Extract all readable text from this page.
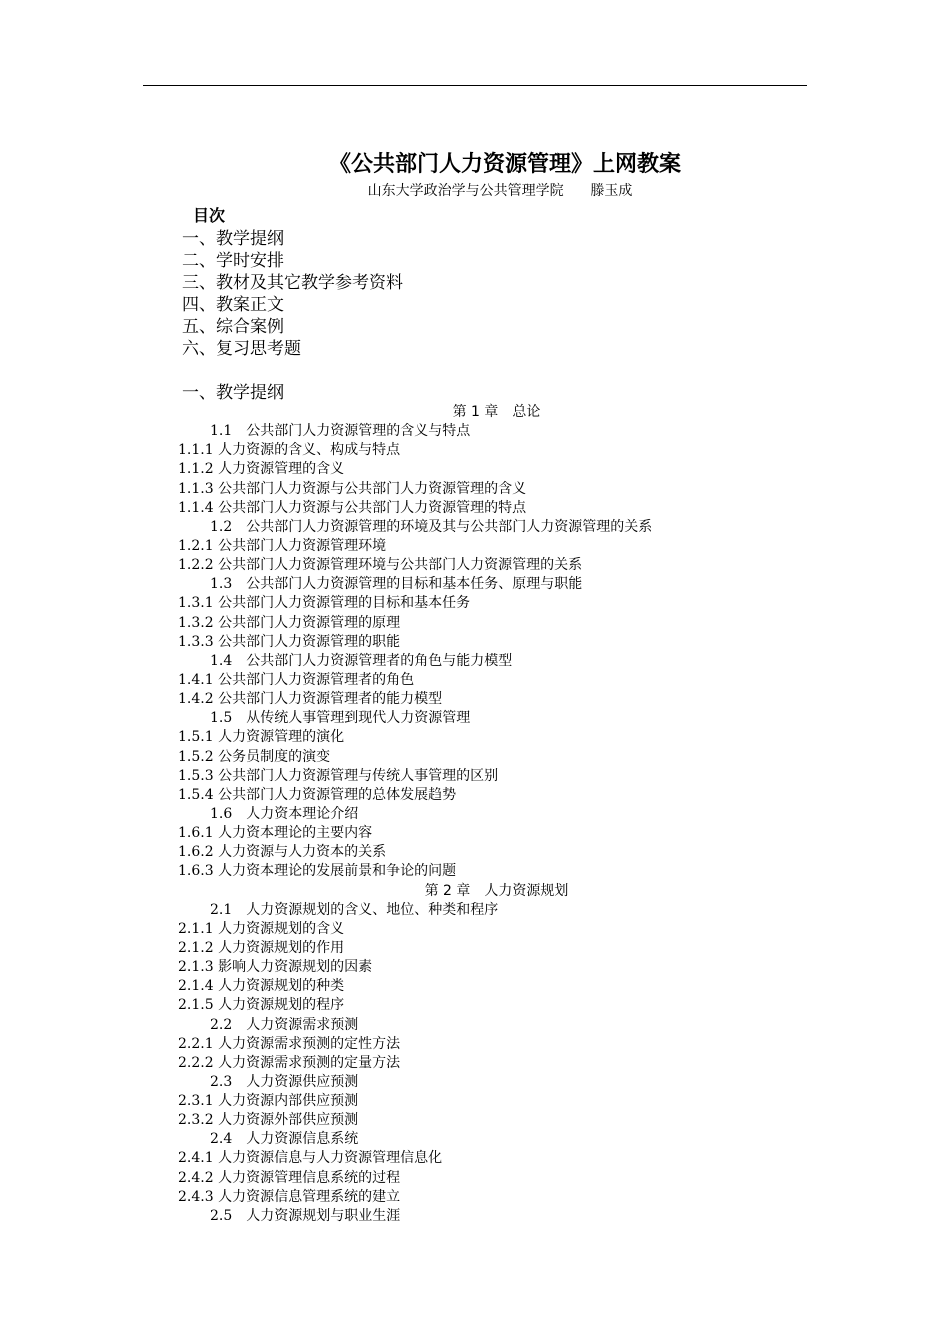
《公共部门人力资源管理》上网教案
山东大学政治学与公共管理学院      滕玉成
目次
一、教学提纲
二、学时安排
三、教材及其它教学参考资料
四、教案正文
五、综合案例
六、复习思考题
一、教学提纲
第 1 章　总论
1.1　公共部门人力资源管理的含义与特点
1.1.1 人力资源的含义、构成与特点
1.1.2 人力资源管理的含义
1.1.3 公共部门人力资源与公共部门人力资源管理的含义
1.1.4 公共部门人力资源与公共部门人力资源管理的特点
1.2　公共部门人力资源管理的环境及其与公共部门人力资源管理的关系
1.2.1 公共部门人力资源管理环境
1.2.2 公共部门人力资源管理环境与公共部门人力资源管理的关系
1.3　公共部门人力资源管理的目标和基本任务、原理与职能
1.3.1 公共部门人力资源管理的目标和基本任务
1.3.2 公共部门人力资源管理的原理
1.3.3 公共部门人力资源管理的职能
1.4　公共部门人力资源管理者的角色与能力模型
1.4.1 公共部门人力资源管理者的角色
1.4.2 公共部门人力资源管理者的能力模型
1.5　从传统人事管理到现代人力资源管理
1.5.1 人力资源管理的演化
1.5.2 公务员制度的演变
1.5.3 公共部门人力资源管理与传统人事管理的区别
1.5.4 公共部门人力资源管理的总体发展趋势
1.6　人力资本理论介绍
1.6.1 人力资本理论的主要内容
1.6.2 人力资源与人力资本的关系
1.6.3 人力资本理论的发展前景和争论的问题
第 2 章　人力资源规划
2.1　人力资源规划的含义、地位、种类和程序
2.1.1 人力资源规划的含义
2.1.2 人力资源规划的作用
2.1.3 影响人力资源规划的因素
2.1.4 人力资源规划的种类
2.1.5 人力资源规划的程序
2.2　人力资源需求预测
2.2.1 人力资源需求预测的定性方法
2.2.2 人力资源需求预测的定量方法
2.3　人力资源供应预测
2.3.1 人力资源内部供应预测
2.3.2 人力资源外部供应预测
2.4　人力资源信息系统
2.4.1 人力资源信息与人力资源管理信息化
2.4.2 人力资源管理信息系统的过程
2.4.3 人力资源信息管理系统的建立
2.5　人力资源规划与职业生涯
